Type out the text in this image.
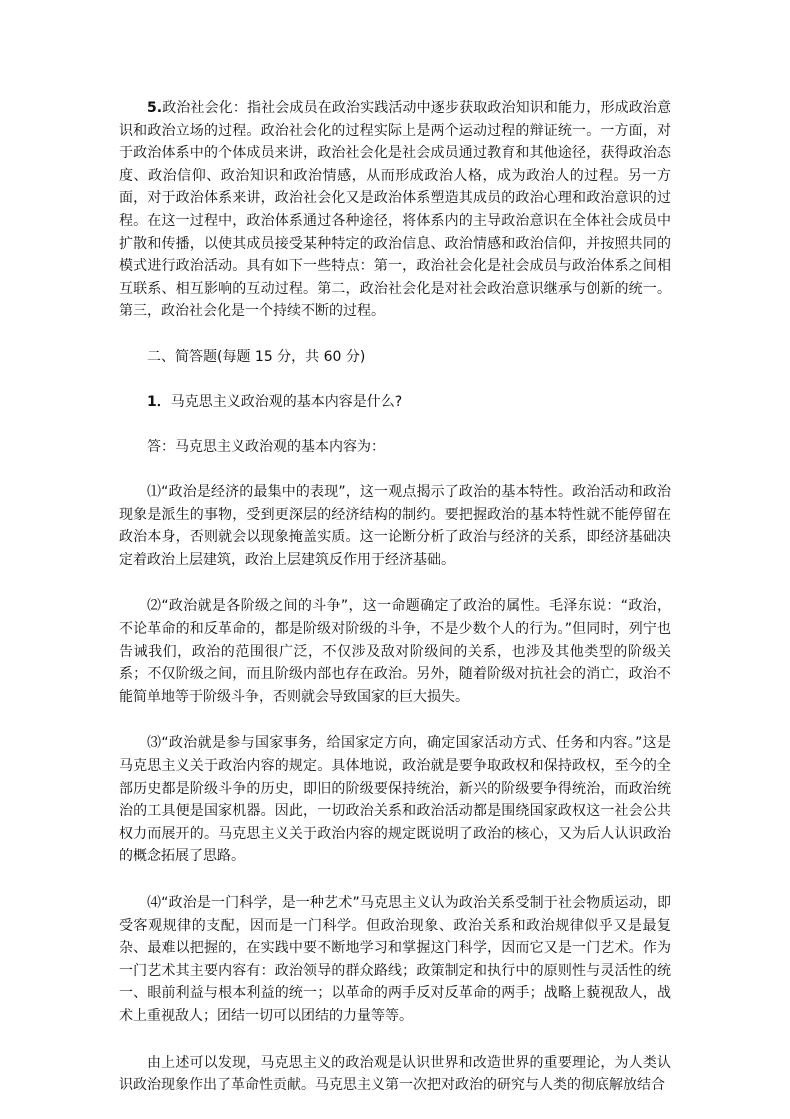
5.政治社会化：指社会成员在政治实践活动中逐步获取政治知识和能力，形成政治意识和政治立场的过程。政治社会化的过程实际上是两个运动过程的辩证统一。一方面，对于政治体系中的个体成员来讲，政治社会化是社会成员通过教育和其他途径，获得政治态度、政治信仰、政治知识和政治情感，从而形成政治人格，成为政治人的过程。另一方面，对于政治体系来讲，政治社会化又是政治体系塑造其成员的政治心理和政治意识的过程。在这一过程中，政治体系通过各种途径，将体系内的主导政治意识在全体社会成员中扩散和传播，以使其成员接受某种特定的政治信息、政治情感和政治信仰，并按照共同的模式进行政治活动。具有如下一些特点：第一，政治社会化是社会成员与政治体系之间相互联系、相互影响的互动过程。第二，政治社会化是对社会政治意识继承与创新的统一。第三，政治社会化是一个持续不断的过程。

二、简答题(每题 15 分，共 60 分)

1．马克思主义政治观的基本内容是什么?

答：马克思主义政治观的基本内容为：

⑴“政治是经济的最集中的表现”，这一观点揭示了政治的基本特性。政治活动和政治现象是派生的事物，受到更深层的经济结构的制约。要把握政治的基本特性就不能停留在政治本身，否则就会以现象掩盖实质。这一论断分析了政治与经济的关系，即经济基础决定着政治上层建筑，政治上层建筑反作用于经济基础。

⑵“政治就是各阶级之间的斗争”，这一命题确定了政治的属性。毛泽东说：“政治，不论革命的和反革命的，都是阶级对阶级的斗争，不是少数个人的行为。”但同时，列宁也告诫我们，政治的范围很广泛，不仅涉及敌对阶级间的关系，也涉及其他类型的阶级关系；不仅阶级之间，而且阶级内部也存在政治。另外，随着阶级对抗社会的消亡，政治不能简单地等于阶级斗争，否则就会导致国家的巨大损失。

⑶“政治就是参与国家事务，给国家定方向，确定国家活动方式、任务和内容。”这是马克思主义关于政治内容的规定。具体地说，政治就是要争取政权和保持政权，至今的全部历史都是阶级斗争的历史，即旧的阶级要保持统治，新兴的阶级要争得统治，而政治统治的工具便是国家机器。因此，一切政治关系和政治活动都是围绕国家政权这一社会公共权力而展开的。马克思主义关于政治内容的规定既说明了政治的核心，又为后人认识政治的概念拓展了思路。

⑷“政治是一门科学，是一种艺术”马克思主义认为政治关系受制于社会物质运动，即受客观规律的支配，因而是一门科学。但政治现象、政治关系和政治规律似乎又是最复杂、最难以把握的，在实践中要不断地学习和掌握这门科学，因而它又是一门艺术。作为一门艺术其主要内容有：政治领导的群众路线；政策制定和执行中的原则性与灵活性的统一、眼前利益与根本利益的统一；以革命的两手反对反革命的两手；战略上藐视敌人，战术上重视敌人；团结一切可以团结的力量等等。

由上述可以发现，马克思主义的政治观是认识世界和改造世界的重要理论，为人类认识政治现象作出了革命性贡献。马克思主义第一次把对政治的研究与人类的彻底解放结合
